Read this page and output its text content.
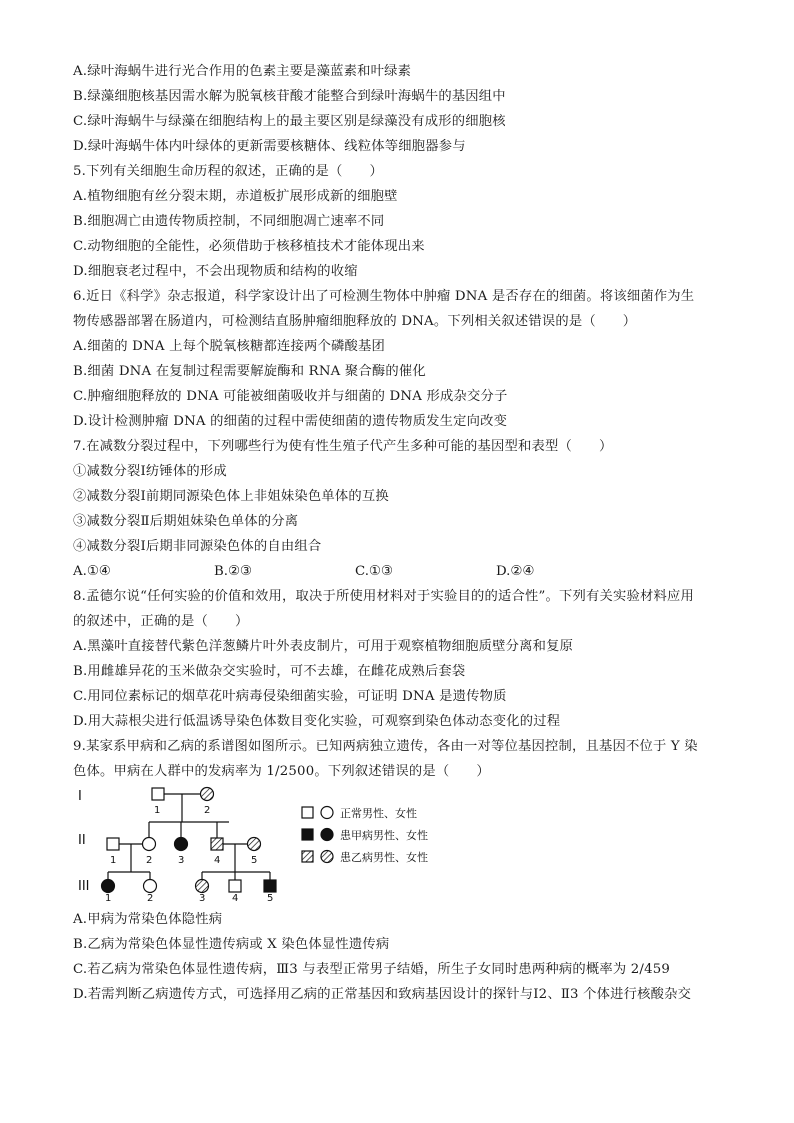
A.绿叶海蜗牛进行光合作用的色素主要是藻蓝素和叶绿素
B.绿藻细胞核基因需水解为脱氧核苷酸才能整合到绿叶海蜗牛的基因组中
C.绿叶海蜗牛与绿藻在细胞结构上的最主要区别是绿藻没有成形的细胞核
D.绿叶海蜗牛体内叶绿体的更新需要核糖体、线粒体等细胞器参与
5.下列有关细胞生命历程的叙述，正确的是（　　）
A.植物细胞有丝分裂末期，赤道板扩展形成新的细胞壁
B.细胞凋亡由遗传物质控制，不同细胞凋亡速率不同
C.动物细胞的全能性，必须借助于核移植技术才能体现出来
D.细胞衰老过程中，不会出现物质和结构的收缩
6.近日《科学》杂志报道，科学家设计出了可检测生物体中肿瘤 DNA 是否存在的细菌。将该细菌作为生
物传感器部署在肠道内，可检测结直肠肿瘤细胞释放的 DNA。下列相关叙述错误的是（　　）
A.细菌的 DNA 上每个脱氧核糖都连接两个磷酸基团
B.细菌 DNA 在复制过程需要解旋酶和 RNA 聚合酶的催化
C.肿瘤细胞释放的 DNA 可能被细菌吸收并与细菌的 DNA 形成杂交分子
D.设计检测肿瘤 DNA 的细菌的过程中需使细菌的遗传物质发生定向改变
7.在减数分裂过程中，下列哪些行为使有性生殖子代产生多种可能的基因型和表型（　　）
①减数分裂Ⅰ纺锤体的形成
②减数分裂Ⅰ前期同源染色体上非姐妹染色单体的互换
③减数分裂Ⅱ后期姐妹染色单体的分离
④减数分裂Ⅰ后期非同源染色体的自由组合
A.①④	B.②③	C.①③	D.②④
8.孟德尔说“任何实验的价值和效用，取决于所使用材料对于实验目的的适合性”。下列有关实验材料应用
的叙述中，正确的是（　　）
A.黑藻叶直接替代紫色洋葱鳞片叶外表皮制片，可用于观察植物细胞质壁分离和复原
B.用雌雄异花的玉米做杂交实验时，可不去雄，在雌花成熟后套袋
C.用同位素标记的烟草花叶病毒侵染细菌实验，可证明 DNA 是遗传物质
D.用大蒜根尖进行低温诱导染色体数目变化实验，可观察到染色体动态变化的过程
9.某家系甲病和乙病的系谱图如图所示。已知两病独立遗传，各由一对等位基因控制，且基因不位于 Y 染
色体。甲病在人群中的发病率为 1/2500。下列叙述错误的是（　　）
I
II
III
1	2
1	2	3	4	5
1	2	3	4	5
正常男性、女性
患甲病男性、女性
患乙病男性、女性
A.甲病为常染色体隐性病
B.乙病为常染色体显性遗传病或 X 染色体显性遗传病
C.若乙病为常染色体显性遗传病，Ⅲ3 与表型正常男子结婚，所生子女同时患两种病的概率为 2/459
D.若需判断乙病遗传方式，可选择用乙病的正常基因和致病基因设计的探针与Ⅰ2、Ⅱ3 个体进行核酸杂交
